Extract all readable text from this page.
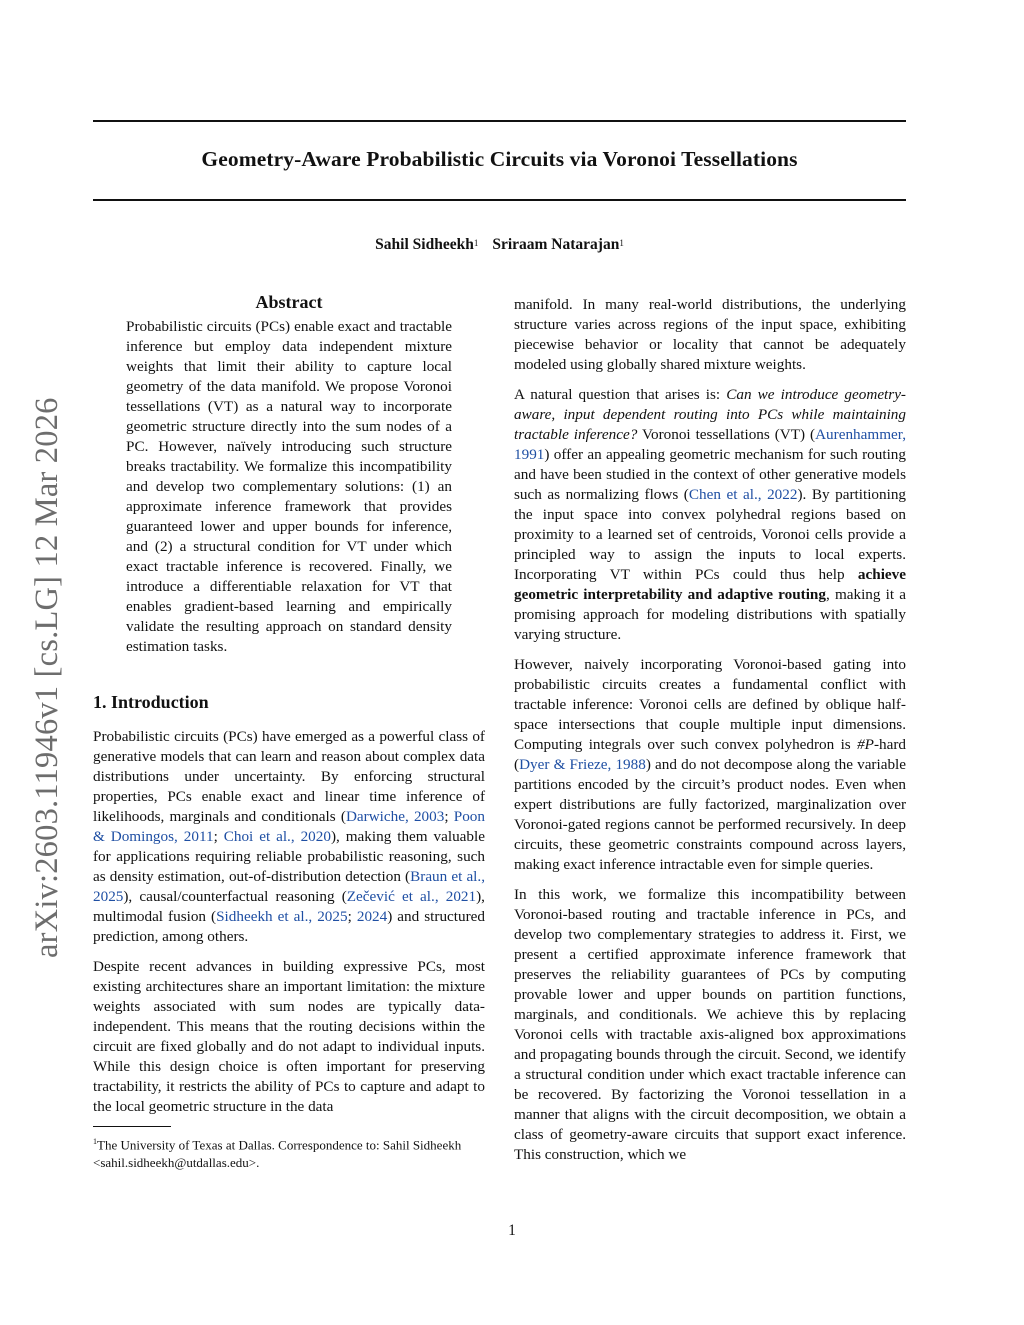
Geometry-Aware Probabilistic Circuits via Voronoi Tessellations
Sahil Sidheekh$^1$ Sriraam Natarajan$^1$
arXiv:2603.11946v1 [cs.LG] 12 Mar 2026
Abstract

Probabilistic circuits (PCs) enable exact and tractable inference but employ data independent mixture weights that limit their ability to capture local geometry of the data manifold. We propose Voronoi tessellations (VT) as a natural way to incorporate geometric structure directly into the sum nodes of a PC. However, naïvely introducing such structure breaks tractability. We formalize this incompatibility and develop two complementary solutions: (1) an approximate inference framework that provides guaranteed lower and upper bounds for inference, and (2) a structural condition for VT under which exact tractable inference is recovered. Finally, we introduce a differentiable relaxation for VT that enables gradient-based learning and empirically validate the resulting approach on standard density estimation tasks.

1. Introduction

Probabilistic circuits (PCs) have emerged as a powerful class of generative models that can learn and reason about complex data distributions under uncertainty. By enforcing structural properties, PCs enable exact and linear time inference of likelihoods, marginals and conditionals (Darwiche, 2003; Poon & Domingos, 2011; Choi et al., 2020), making them valuable for applications requiring reliable probabilistic reasoning, such as density estimation, out-of-distribution detection (Braun et al., 2025), causal/counterfactual reasoning (Zečević et al., 2021), multimodal fusion (Sidheekh et al., 2025; 2024) and structured prediction, among others.

Despite recent advances in building expressive PCs, most existing architectures share an important limitation: the mixture weights associated with sum nodes are typically data-independent. This means that the routing decisions within the circuit are fixed globally and do not adapt to individual inputs. While this design choice is often important for preserving tractability, it restricts the ability of PCs to capture and adapt to the local geometric structure in the data

$^1$The University of Texas at Dallas. Correspondence to: Sahil Sidheekh <sahil.sidheekh@utdallas.edu>.

manifold. In many real-world distributions, the underlying structure varies across regions of the input space, exhibiting piecewise behavior or locality that cannot be adequately modeled using globally shared mixture weights.

A natural question that arises is: Can we introduce geometry-aware, input dependent routing into PCs while maintaining tractable inference? Voronoi tessellations (VT) (Aurenhammer, 1991) offer an appealing geometric mechanism for such routing and have been studied in the context of other generative models such as normalizing flows (Chen et al., 2022). By partitioning the input space into convex polyhedral regions based on proximity to a learned set of centroids, Voronoi cells provide a principled way to assign the inputs to local experts. Incorporating VT within PCs could thus help achieve geometric interpretability and adaptive routing, making it a promising approach for modeling distributions with spatially varying structure.

However, naively incorporating Voronoi-based gating into probabilistic circuits creates a fundamental conflict with tractable inference: Voronoi cells are defined by oblique half-space intersections that couple multiple input dimensions. Computing integrals over such convex polyhedron is #P-hard (Dyer & Frieze, 1988) and do not decompose along the variable partitions encoded by the circuit’s product nodes. Even when expert distributions are fully factorized, marginalization over Voronoi-gated regions cannot be performed recursively. In deep circuits, these geometric constraints compound across layers, making exact inference intractable even for simple queries.

In this work, we formalize this incompatibility between Voronoi-based routing and tractable inference in PCs, and develop two complementary strategies to address it. First, we present a certified approximate inference framework that preserves the reliability guarantees of PCs by computing provable lower and upper bounds on partition functions, marginals, and conditionals. We achieve this by replacing Voronoi cells with tractable axis-aligned box approximations and propagating bounds through the circuit. Second, we identify a structural condition under which exact tractable inference can be recovered. By factorizing the Voronoi tessellation in a manner that aligns with the circuit decomposition, we obtain a class of geometry-aware circuits that support exact inference. This construction, which we

1
